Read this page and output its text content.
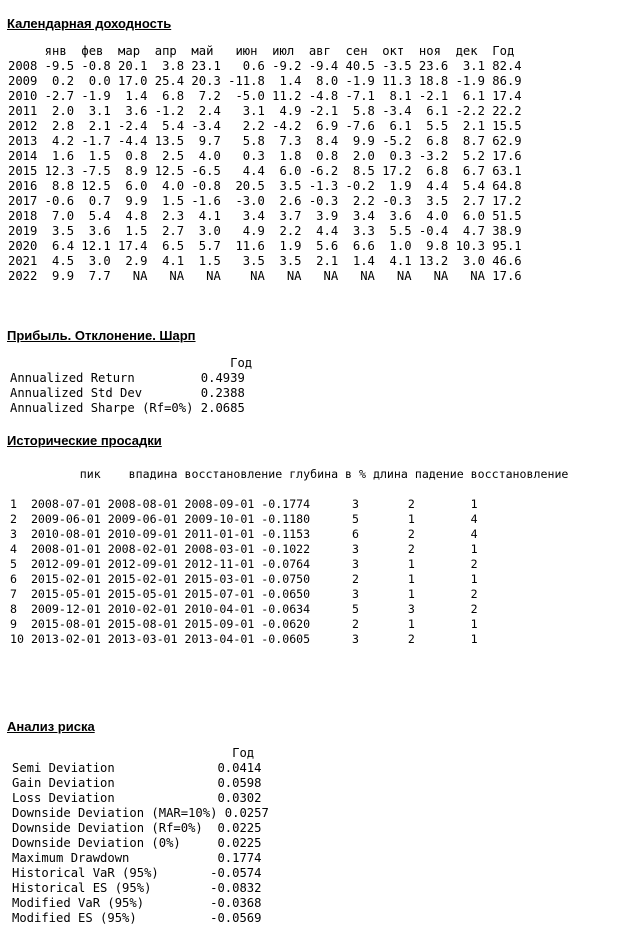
Календарная доходность
янв  фев  мар  апр  май   июн  июл  авг  сен  окт  ноя  дек  Год
2008 -9.5 -0.8 20.1  3.8 23.1   0.6 -9.2 -9.4 40.5 -3.5 23.6  3.1 82.4
2009  0.2  0.0 17.0 25.4 20.3 -11.8  1.4  8.0 -1.9 11.3 18.8 -1.9 86.9
2010 -2.7 -1.9  1.4  6.8  7.2  -5.0 11.2 -4.8 -7.1  8.1 -2.1  6.1 17.4
2011  2.0  3.1  3.6 -1.2  2.4   3.1  4.9 -2.1  5.8 -3.4  6.1 -2.2 22.2
2012  2.8  2.1 -2.4  5.4 -3.4   2.2 -4.2  6.9 -7.6  6.1  5.5  2.1 15.5
2013  4.2 -1.7 -4.4 13.5  9.7   5.8  7.3  8.4  9.9 -5.2  6.8  8.7 62.9
2014  1.6  1.5  0.8  2.5  4.0   0.3  1.8  0.8  2.0  0.3 -3.2  5.2 17.6
2015 12.3 -7.5  8.9 12.5 -6.5   4.4  6.0 -6.2  8.5 17.2  6.8  6.7 63.1
2016  8.8 12.5  6.0  4.0 -0.8  20.5  3.5 -1.3 -0.2  1.9  4.4  5.4 64.8
2017 -0.6  0.7  9.9  1.5 -1.6  -3.0  2.6 -0.3  2.2 -0.3  3.5  2.7 17.2
2018  7.0  5.4  4.8  2.3  4.1   3.4  3.7  3.9  3.4  3.6  4.0  6.0 51.5
2019  3.5  3.6  1.5  2.7  3.0   4.9  2.2  4.4  3.3  5.5 -0.4  4.7 38.9
2020  6.4 12.1 17.4  6.5  5.7  11.6  1.9  5.6  6.6  1.0  9.8 10.3 95.1
2021  4.5  3.0  2.9  4.1  1.5   3.5  3.5  2.1  1.4  4.1 13.2  3.0 46.6
2022  9.9  7.7   NA   NA   NA    NA   NA   NA   NA   NA   NA   NA 17.6
Прибыль. Отклонение. Шарп
Год
Annualized Return         0.4939
Annualized Std Dev        0.2388
Annualized Sharpe (Rf=0%) 2.0685
Исторические просадки
пик    впадина восстановление глубина в % длина падение восстановление

1  2008-07-01 2008-08-01 2008-09-01 -0.1774      3       2        1
2  2009-06-01 2009-06-01 2009-10-01 -0.1180      5       1        4
3  2010-08-01 2010-09-01 2011-01-01 -0.1153      6       2        4
4  2008-01-01 2008-02-01 2008-03-01 -0.1022      3       2        1
5  2012-09-01 2012-09-01 2012-11-01 -0.0764      3       1        2
6  2015-02-01 2015-02-01 2015-03-01 -0.0750      2       1        1
7  2015-05-01 2015-05-01 2015-07-01 -0.0650      3       1        2
8  2009-12-01 2010-02-01 2010-04-01 -0.0634      5       3        2
9  2015-08-01 2015-08-01 2015-09-01 -0.0620      2       1        1
10 2013-02-01 2013-03-01 2013-04-01 -0.0605      3       2        1
Анализ риска
Год
Semi Deviation              0.0414
Gain Deviation              0.0598
Loss Deviation              0.0302
Downside Deviation (MAR=10%) 0.0257
Downside Deviation (Rf=0%)  0.0225
Downside Deviation (0%)     0.0225
Maximum Drawdown            0.1774
Historical VaR (95%)       -0.0574
Historical ES (95%)        -0.0832
Modified VaR (95%)         -0.0368
Modified ES (95%)          -0.0569
